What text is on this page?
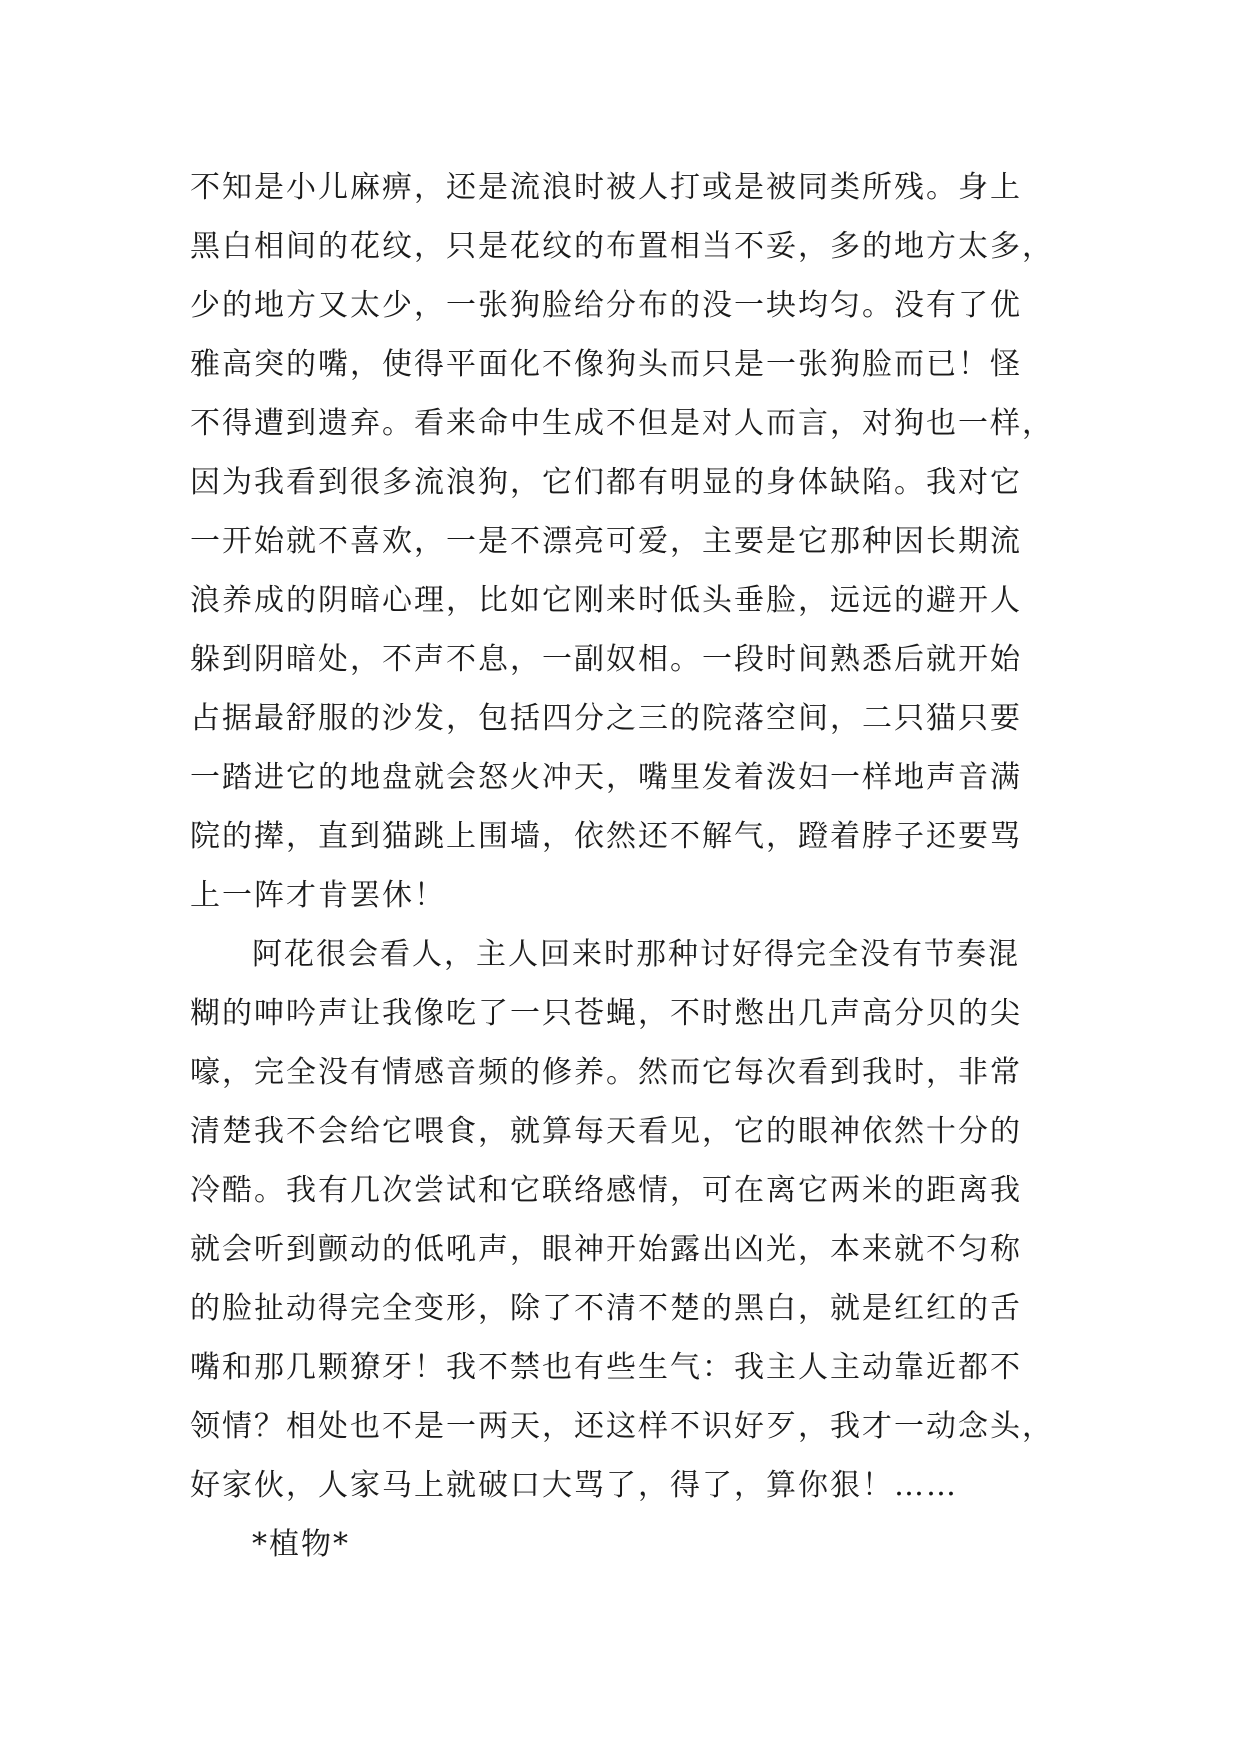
不知是小儿麻痹，还是流浪时被人打或是被同类所残。身上
黑白相间的花纹，只是花纹的布置相当不妥，多的地方太多，
少的地方又太少，一张狗脸给分布的没一块均匀。没有了优
雅高突的嘴，使得平面化不像狗头而只是一张狗脸而已！怪
不得遭到遗弃。看来命中生成不但是对人而言，对狗也一样，
因为我看到很多流浪狗，它们都有明显的身体缺陷。我对它
一开始就不喜欢，一是不漂亮可爱，主要是它那种因长期流
浪养成的阴暗心理，比如它刚来时低头垂脸，远远的避开人
躲到阴暗处，不声不息，一副奴相。一段时间熟悉后就开始
占据最舒服的沙发，包括四分之三的院落空间，二只猫只要
一踏进它的地盘就会怒火冲天，嘴里发着泼妇一样地声音满
院的撵，直到猫跳上围墙，依然还不解气，蹬着脖子还要骂
上一阵才肯罢休！
阿花很会看人，主人回来时那种讨好得完全没有节奏混
糊的呻吟声让我像吃了一只苍蝇，不时憋出几声高分贝的尖
嚎，完全没有情感音频的修养。然而它每次看到我时，非常
清楚我不会给它喂食，就算每天看见，它的眼神依然十分的
冷酷。我有几次尝试和它联络感情，可在离它两米的距离我
就会听到颤动的低吼声，眼神开始露出凶光，本来就不匀称
的脸扯动得完全变形，除了不清不楚的黑白，就是红红的舌
嘴和那几颗獠牙！我不禁也有些生气：我主人主动靠近都不
领情？相处也不是一两天，还这样不识好歹，我才一动念头，
好家伙，人家马上就破口大骂了，得了，算你狠！……
*植物*
